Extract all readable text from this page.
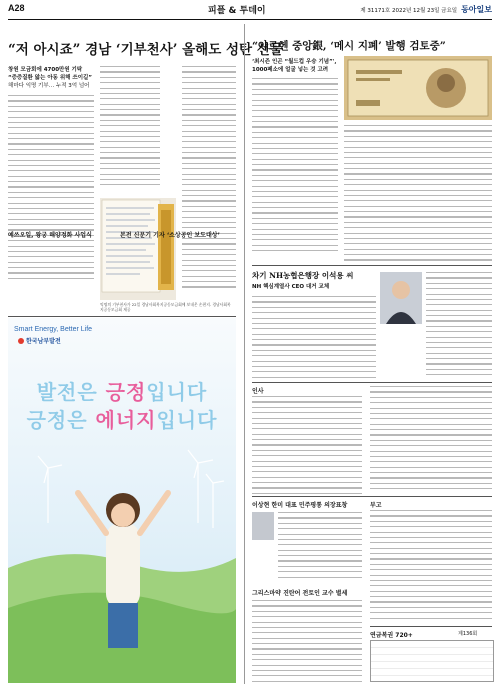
A28	피플 & 투데이	제 31171호 2022년 12월 23일 금요일 동아일보
“저 아시죠” 경남 ‘기부천사’ 올해도 성탄 선물
창원 모금회에 4700만원 기탁
“증증질환 앓는 아동 위해 쓰이길”
해마다 익명 기부… 누적 3억 넘어
익명의 기부천사가 22일 경남사회복지공동모금회에 보내온 손편지. 경남사회복지공동모금회 제공
예쓰오일, 왕궁 해양정화 사업식	본전 신문기 기자 ‘소상공인 보도대상’
Smart Energy, Better Life
한국남부발전
발전은 긍정입니다
긍정은 에너지입니다
“아르헨 중앙銀, ‘메시 지폐’ 발행 검토중”
‘최시즌 인곤 “월드컵 우승 기념”',
1000페소에 얼굴 넣는 것 고려
차기 NH농협은행장 이석용 씨
NH 핵심계열사 CEO 대거 교체
인사
이상현 한미 대표 민주평통 의장표창
그리스마약 진탄어 전토인 교수 별세
부고
연금복권 720+	제136회
